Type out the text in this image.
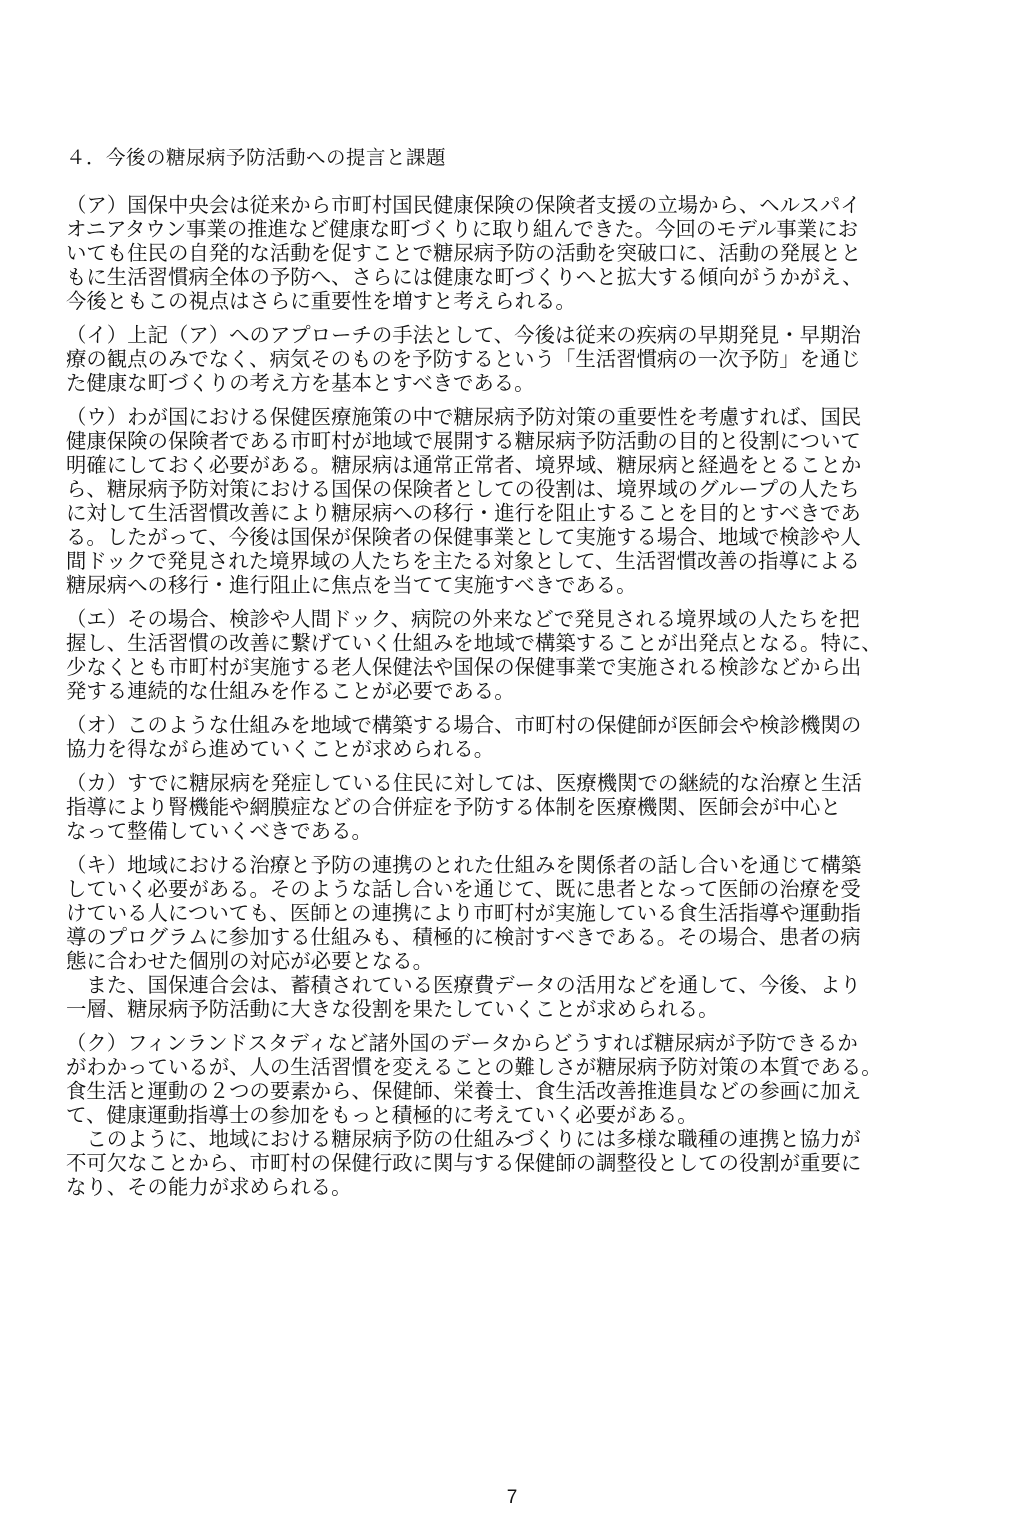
４．今後の糖尿病予防活動への提言と課題

（ア）国保中央会は従来から市町村国民健康保険の保険者支援の立場から、ヘルスパイ
オニアタウン事業の推進など健康な町づくりに取り組んできた。今回のモデル事業にお
いても住民の自発的な活動を促すことで糖尿病予防の活動を突破口に、活動の発展とと
もに生活習慣病全体の予防へ、さらには健康な町づくりへと拡大する傾向がうかがえ、
今後ともこの視点はさらに重要性を増すと考えられる。

（イ）上記（ア）へのアプローチの手法として、今後は従来の疾病の早期発見・早期治
療の観点のみでなく、病気そのものを予防するという「生活習慣病の一次予防」を通じ
た健康な町づくりの考え方を基本とすべきである。

（ウ）わが国における保健医療施策の中で糖尿病予防対策の重要性を考慮すれば、国民
健康保険の保険者である市町村が地域で展開する糖尿病予防活動の目的と役割について
明確にしておく必要がある。糖尿病は通常正常者、境界域、糖尿病と経過をとることか
ら、糖尿病予防対策における国保の保険者としての役割は、境界域のグループの人たち
に対して生活習慣改善により糖尿病への移行・進行を阻止することを目的とすべきであ
る。したがって、今後は国保が保険者の保健事業として実施する場合、地域で検診や人
間ドックで発見された境界域の人たちを主たる対象として、生活習慣改善の指導による
糖尿病への移行・進行阻止に焦点を当てて実施すべきである。

（エ）その場合、検診や人間ドック、病院の外来などで発見される境界域の人たちを把
握し、生活習慣の改善に繋げていく仕組みを地域で構築することが出発点となる。特に、
少なくとも市町村が実施する老人保健法や国保の保健事業で実施される検診などから出
発する連続的な仕組みを作ることが必要である。

（オ）このような仕組みを地域で構築する場合、市町村の保健師が医師会や検診機関の
協力を得ながら進めていくことが求められる。

（カ）すでに糖尿病を発症している住民に対しては、医療機関での継続的な治療と生活
指導により腎機能や網膜症などの合併症を予防する体制を医療機関、医師会が中心と
なって整備していくべきである。

（キ）地域における治療と予防の連携のとれた仕組みを関係者の話し合いを通じて構築
していく必要がある。そのような話し合いを通じて、既に患者となって医師の治療を受
けている人についても、医師との連携により市町村が実施している食生活指導や運動指
導のプログラムに参加する仕組みも、積極的に検討すべきである。その場合、患者の病
態に合わせた個別の対応が必要となる。
　また、国保連合会は、蓄積されている医療費データの活用などを通して、今後、より
一層、糖尿病予防活動に大きな役割を果たしていくことが求められる。

（ク）フィンランドスタディなど諸外国のデータからどうすれば糖尿病が予防できるか
がわかっているが、人の生活習慣を変えることの難しさが糖尿病予防対策の本質である。
食生活と運動の２つの要素から、保健師、栄養士、食生活改善推進員などの参画に加え
て、健康運動指導士の参加をもっと積極的に考えていく必要がある。
　このように、地域における糖尿病予防の仕組みづくりには多様な職種の連携と協力が
不可欠なことから、市町村の保健行政に関与する保健師の調整役としての役割が重要に
なり、その能力が求められる。

7
